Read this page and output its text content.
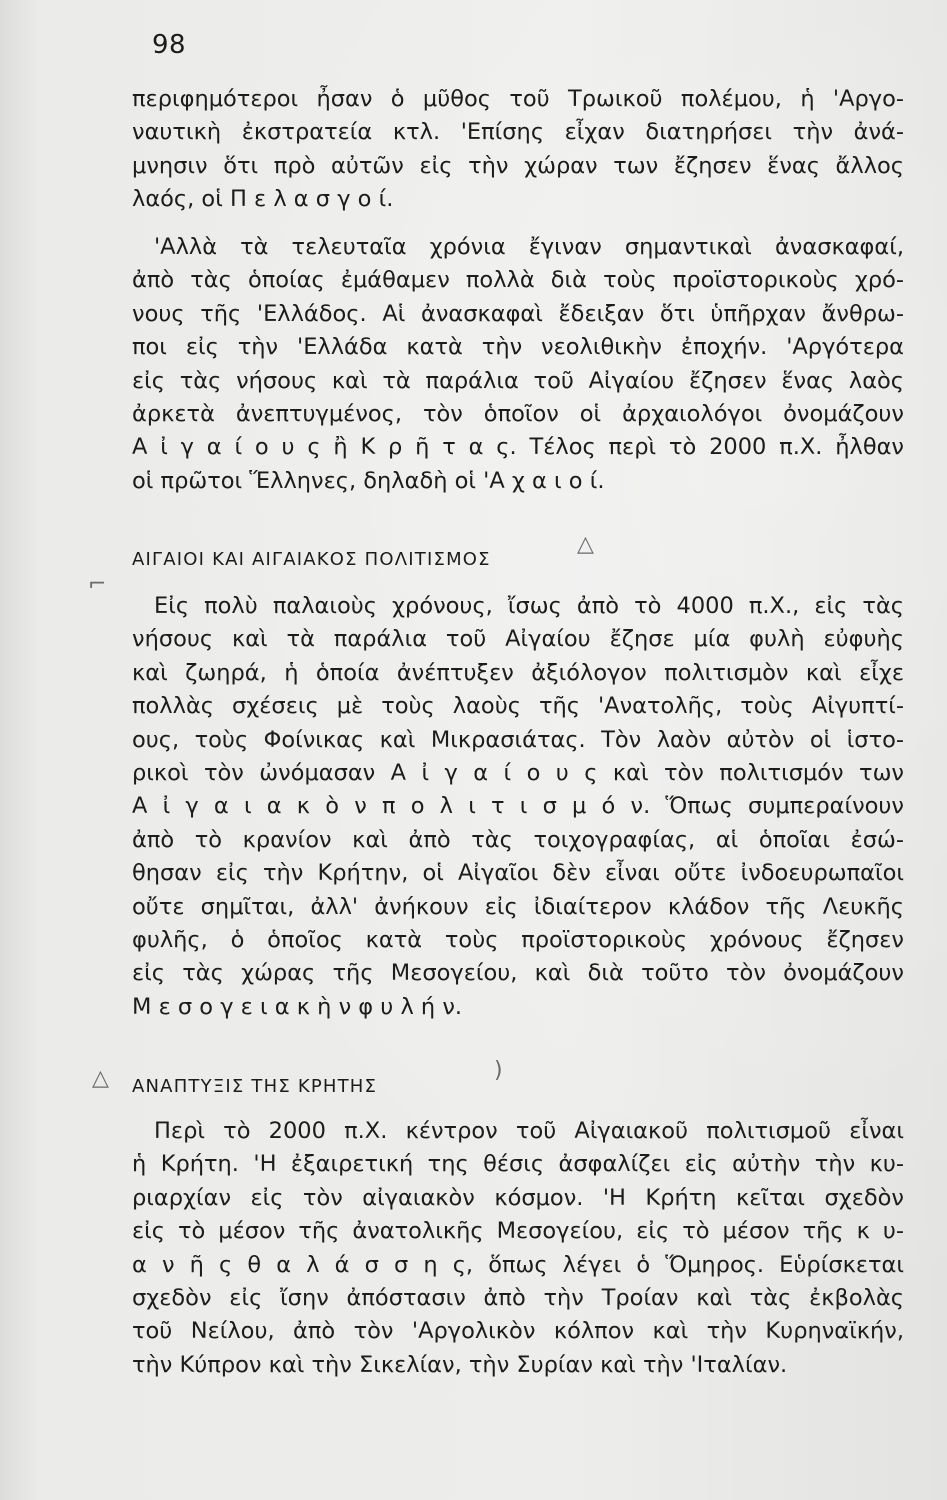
98
περιφημότεροι ἦσαν ὁ μῦθος τοῦ Τρωικοῦ πολέμου, ἡ 'Αργο-
ναυτικὴ ἐκστρατεία κτλ. 'Επίσης εἶχαν διατηρήσει τὴν ἀνά-
μνησιν ὅτι πρὸ αὐτῶν εἰς τὴν χώραν των ἔζησεν ἕνας ἄλλος
λαός, οἱ Π ε λ α σ γ ο ί.
'Αλλὰ τὰ τελευταῖα χρόνια ἔγιναν σημαντικαὶ ἀνασκαφαί,
ἀπὸ τὰς ὁποίας ἐμάθαμεν πολλὰ διὰ τοὺς προϊστορικοὺς χρό-
νους τῆς 'Ελλάδος. Αἱ ἀνασκαφαὶ ἔδειξαν ὅτι ὑπῆρχαν ἄνθρω-
ποι εἰς τὴν 'Ελλάδα κατὰ τὴν νεολιθικὴν ἐποχήν. 'Αργότερα
εἰς τὰς νήσους καὶ τὰ παράλια τοῦ Αἰγαίου ἔζησεν ἕνας λαὸς
ἀρκετὰ ἀνεπτυγμένος, τὸν ὁποῖον οἱ ἀρχαιολόγοι ὀνομάζουν
Α ἰ γ α ί ο υ ς ἢ Κ ρ ῆ τ α ς. Τέλος περὶ τὸ 2000 π.Χ. ἦλθαν
οἱ πρῶτοι Ἕλληνες, δηλαδὴ οἱ 'Α χ α ι ο ί.
ΑΙΓΑΙΟΙ ΚΑΙ ΑΙΓΑΙΑΚΟΣ ΠΟΛΙΤΙΣΜΟΣ
△
⌐
Εἰς πολὺ παλαιοὺς χρόνους, ἴσως ἀπὸ τὸ 4000 π.Χ., εἰς τὰς
νήσους καὶ τὰ παράλια τοῦ Αἰγαίου ἔζησε μία φυλὴ εὐφυὴς
καὶ ζωηρά, ἡ ὁποία ἀνέπτυξεν ἀξιόλογον πολιτισμὸν καὶ εἶχε
πολλὰς σχέσεις μὲ τοὺς λαοὺς τῆς 'Ανατολῆς, τοὺς Αἰγυπτί-
ους, τοὺς Φοίνικας καὶ Μικρασιάτας. Τὸν λαὸν αὐτὸν οἱ ἱστο-
ρικοὶ τὸν ὠνόμασαν Α ἰ γ α ί ο υ ς καὶ τὸν πολιτισμόν των
Α ἰ γ α ι α κ ὸ ν π ο λ ι τ ι σ μ ό ν. Ὅπως συμπεραίνουν
ἀπὸ τὸ κρανίον καὶ ἀπὸ τὰς τοιχογραφίας, αἱ ὁποῖαι ἐσώ-
θησαν εἰς τὴν Κρήτην, οἱ Αἰγαῖοι δὲν εἶναι οὔτε ἰνδοευρωπαῖοι
οὔτε σημῖται, ἀλλ' ἀνήκουν εἰς ἰδιαίτερον κλάδον τῆς Λευκῆς
φυλῆς, ὁ ὁποῖος κατὰ τοὺς προϊστορικοὺς χρόνους ἔζησεν
εἰς τὰς χώρας τῆς Μεσογείου, καὶ διὰ τοῦτο τὸν ὀνομάζουν
Μ ε σ ο γ ε ι α κ ὴ ν φ υ λ ή ν.
△ ΑΝΑΠΤΥΞΙΣ ΤΗΣ ΚΡΗΤΗΣ
)
Περὶ τὸ 2000 π.Χ. κέντρον τοῦ Αἰγαιακοῦ πολιτισμοῦ εἶναι
ἡ Κρήτη. 'Η ἐξαιρετική της θέσις ἀσφαλίζει εἰς αὐτὴν τὴν κυ-
ριαρχίαν εἰς τὸν αἰγαιακὸν κόσμον. 'Η Κρήτη κεῖται σχεδὸν
εἰς τὸ μέσον τῆς ἀνατολικῆς Μεσογείου, εἰς τὸ μέσον τῆς κ υ-
α ν ῆ ς θ α λ ά σ σ η ς, ὅπως λέγει ὁ Ὅμηρος. Εὑρίσκεται
σχεδὸν εἰς ἴσην ἀπόστασιν ἀπὸ τὴν Τροίαν καὶ τὰς ἐκβολὰς
τοῦ Νείλου, ἀπὸ τὸν 'Αργολικὸν κόλπον καὶ τὴν Κυρηναϊκήν,
τὴν Κύπρον καὶ τὴν Σικελίαν, τὴν Συρίαν καὶ τὴν 'Ιταλίαν.
